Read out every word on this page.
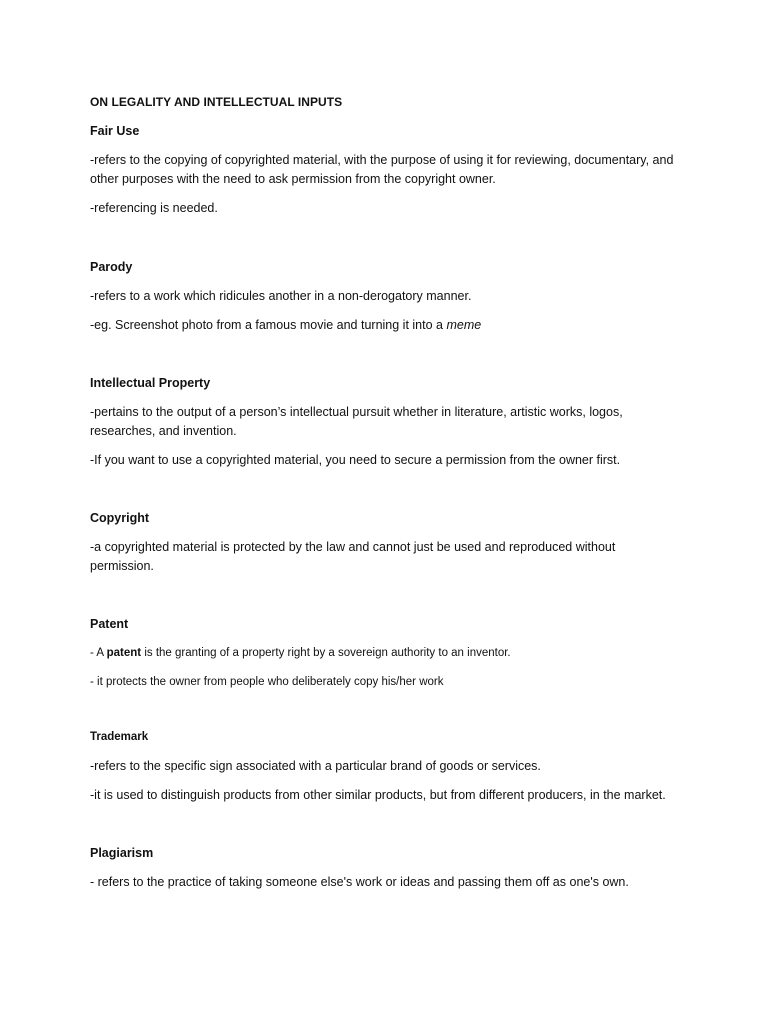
ON LEGALITY AND INTELLECTUAL INPUTS
Fair Use

-refers to the copying of copyrighted material, with the purpose of using it for reviewing, documentary, and other purposes with the need to ask permission from the copyright owner.

-referencing is needed.

Parody

-refers to a work which ridicules another in a non-derogatory manner.

-eg. Screenshot photo from a famous movie and turning it into a meme

Intellectual Property

-pertains to the output of a person’s intellectual pursuit whether in literature, artistic works, logos, researches, and invention.

-If you want to use a copyrighted material, you need to secure a permission from the owner first.

Copyright

-a copyrighted material is protected by the law and cannot just be used and reproduced without permission.

Patent

- A patent is the granting of a property right by a sovereign authority to an inventor.

- it protects the owner from people who deliberately copy his/her work

Trademark

-refers to the specific sign associated with a particular brand of goods or services.

-it is used to distinguish products from other similar products, but from different producers, in the market.

Plagiarism

- refers to the practice of taking someone else's work or ideas and passing them off as one's own.
